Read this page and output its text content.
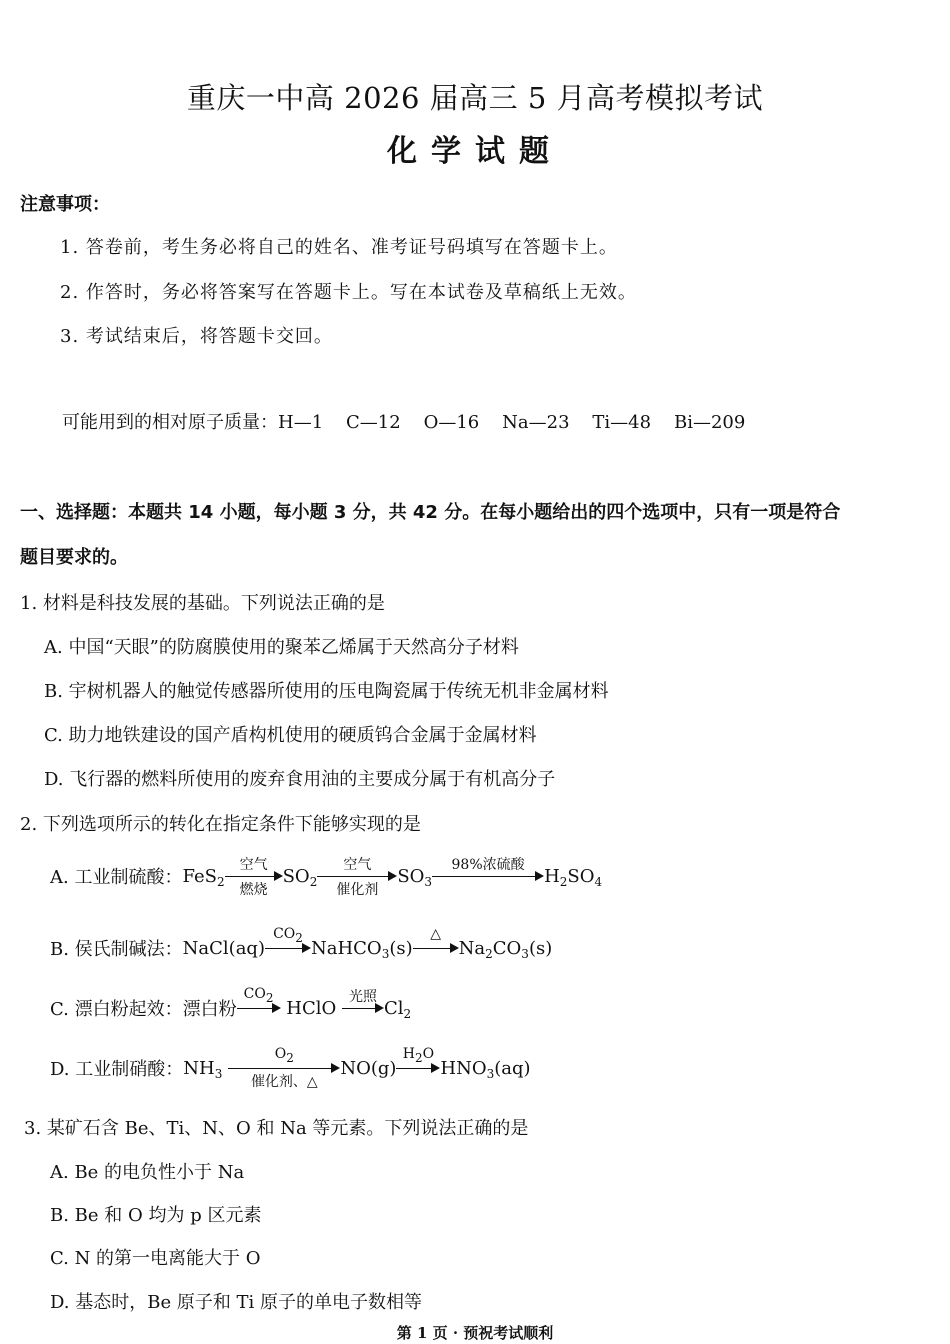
重庆一中高 2026 届高三 5 月高考模拟考试
化学试题
注意事项：
1. 答卷前，考生务必将自己的姓名、准考证号码填写在答题卡上。
2. 作答时，务必将答案写在答题卡上。写在本试卷及草稿纸上无效。
3. 考试结束后，将答题卡交回。
可能用到的相对原子质量：H—1    C—12    O—16    Na—23    Ti—48    Bi—209
一、选择题：本题共 14 小题，每小题 3 分，共 42 分。在每小题给出的四个选项中，只有一项是符合
题目要求的。
1. 材料是科技发展的基础。下列说法正确的是
A. 中国“天眼”的防腐膜使用的聚苯乙烯属于天然高分子材料
B. 宇树机器人的触觉传感器所使用的压电陶瓷属于传统无机非金属材料
C. 助力地铁建设的国产盾构机使用的硬质钨合金属于金属材料
D. 飞行器的燃料所使用的废弃食用油的主要成分属于有机高分子
2. 下列选项所示的转化在指定条件下能够实现的是
A. 工业制硫酸： FeS$_2$
空气
燃烧
$SO_2$
空气
催化剂
$SO_3$
98%浓硫酸
$H_2SO_4$
B. 侯氏制碱法： NaCl(aq)
$CO_2$ NaHCO$_3$(s)
△
$Na_2CO_3(s)$
C. 漂白粉起效： 漂白粉
$CO_2$ HClO
光照
$Cl_2$
D. 工业制硝酸： $NH_3$
$O_2$
催化剂、△
NO(g)
$H_2O$
$HNO_3(aq)$
3. 某矿石含 Be、Ti、N、O 和 Na 等元素。下列说法正确的是
A. Be 的电负性小于 Na
B. Be 和 O 均为 p 区元素
C. N 的第一电离能大于 O
D. 基态时，Be 原子和 Ti 原子的单电子数相等
第 1 页 · 预祝考试顺利
